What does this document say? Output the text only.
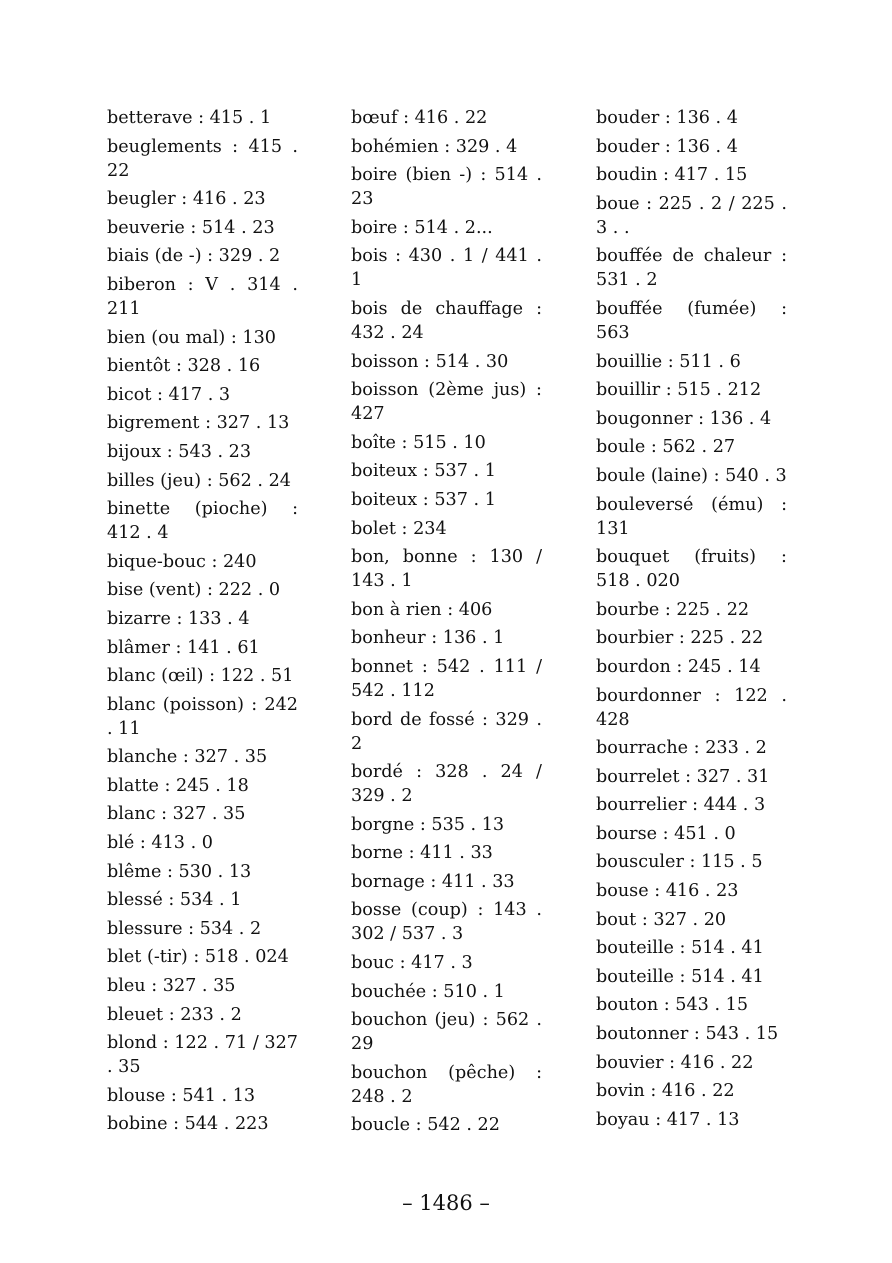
betterave : 415 . 1
beuglements : 415 . 22
beugler : 416 . 23
beuverie : 514 . 23
biais (de -) : 329 . 2
biberon : V . 314 . 211
bien (ou mal) : 130
bientôt : 328 . 16
bicot : 417 . 3
bigrement : 327 . 13
bijoux : 543 . 23
billes (jeu) : 562 . 24
binette (pioche) : 412 . 4
bique-bouc : 240
bise (vent) : 222 . 0
bizarre : 133 . 4
blâmer : 141 . 61
blanc (œil) : 122 . 51
blanc (poisson) : 242 . 11
blanche : 327 . 35
blatte : 245 . 18
blanc : 327 . 35
blé : 413 . 0
blême : 530 . 13
blessé : 534 . 1
blessure : 534 . 2
blet (-tir) : 518 . 024
bleu : 327 . 35
bleuet : 233 . 2
blond : 122 . 71 / 327 . 35
blouse : 541 . 13
bobine : 544 . 223
bœuf : 416 . 22
bohémien : 329 . 4
boire (bien -) : 514 . 23
boire : 514 . 2...
bois : 430 . 1 / 441 . 1
bois de chauffage : 432 . 24
boisson : 514 . 30
boisson (2ème jus) : 427
boîte : 515 . 10
boiteux : 537 . 1
boiteux : 537 . 1
bolet : 234
bon, bonne : 130 / 143 . 1
bon à rien : 406
bonheur : 136 . 1
bonnet : 542 . 111 / 542 . 112
bord de fossé : 329 . 2
bordé : 328 . 24 / 329 . 2
borgne : 535 . 13
borne : 411 . 33
bornage : 411 . 33
bosse (coup) : 143 . 302 / 537 . 3
bouc : 417 . 3
bouchée : 510 . 1
bouchon (jeu) : 562 . 29
bouchon (pêche) : 248 . 2
boucle : 542 . 22
bouder : 136 . 4
bouder : 136 . 4
boudin : 417 . 15
boue : 225 . 2 / 225 . 3 . .
bouffée de chaleur : 531 . 2
bouffée (fumée) : 563
bouillie : 511 . 6
bouillir : 515 . 212
bougonner : 136 . 4
boule : 562 . 27
boule (laine) : 540 . 3
bouleversé (ému) : 131
bouquet (fruits) : 518 . 020
bourbe : 225 . 22
bourbier : 225 . 22
bourdon : 245 . 14
bourdonner : 122 . 428
bourrache : 233 . 2
bourrelet : 327 . 31
bourrelier : 444 . 3
bourse : 451 . 0
bousculer : 115 . 5
bouse : 416 . 23
bout : 327 . 20
bouteille : 514 . 41
bouteille : 514 . 41
bouton : 543 . 15
boutonner : 543 . 15
bouvier : 416 . 22
bovin : 416 . 22
boyau : 417 . 13
– 1486 –
